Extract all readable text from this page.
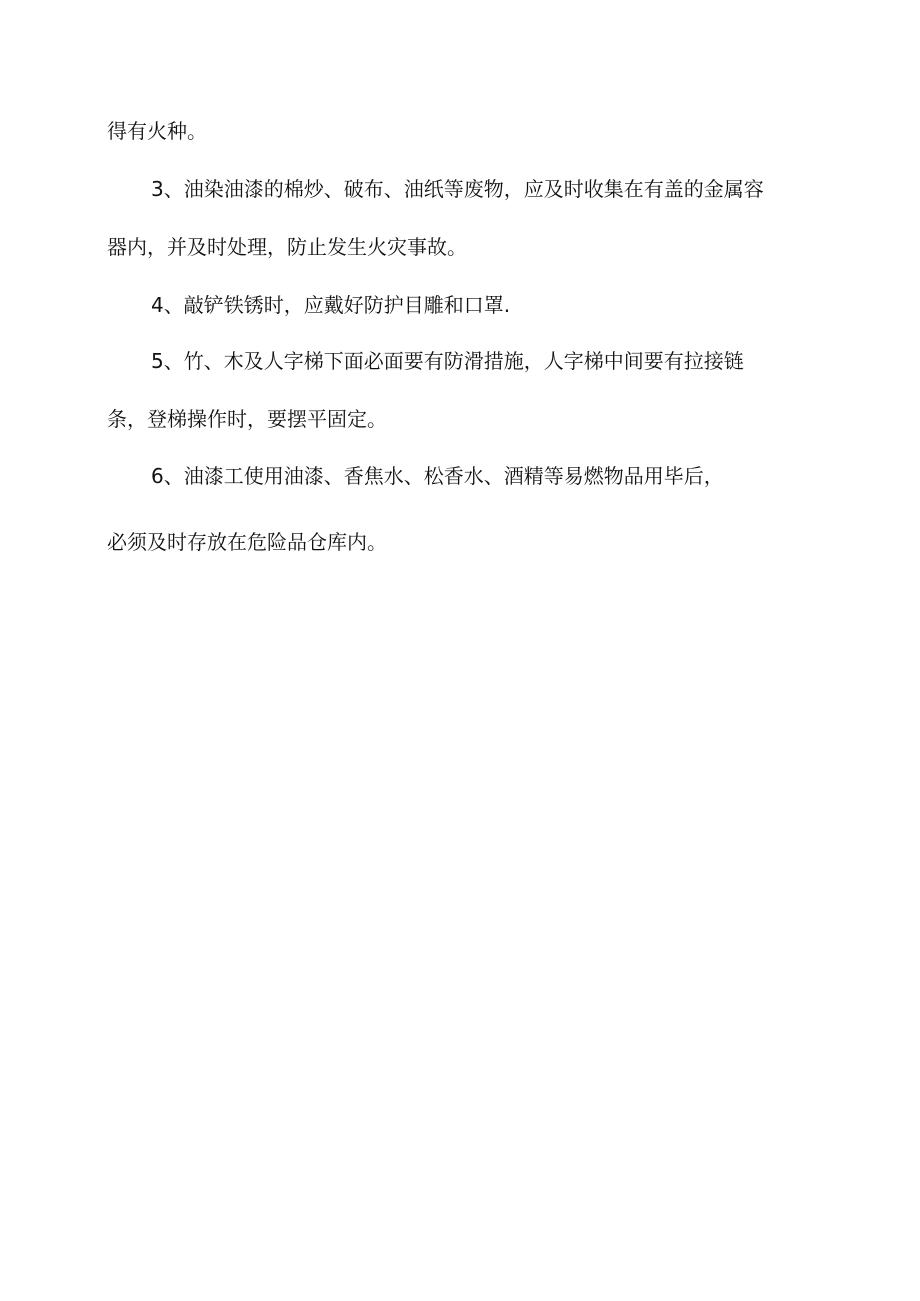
得有火种。
3、油染油漆的棉炒、破布、油纸等废物，应及时收集在有盖的金属容
器内，并及时处理，防止发生火灾事故。
4、敲铲铁锈时，应戴好防护目雕和口罩.
5、竹、木及人字梯下面必面要有防滑措施，人字梯中间要有拉接链
条，登梯操作时，要摆平固定。
6、油漆工使用油漆、香焦水、松香水、酒精等易燃物品用毕后，
必须及时存放在危险品仓库内。
